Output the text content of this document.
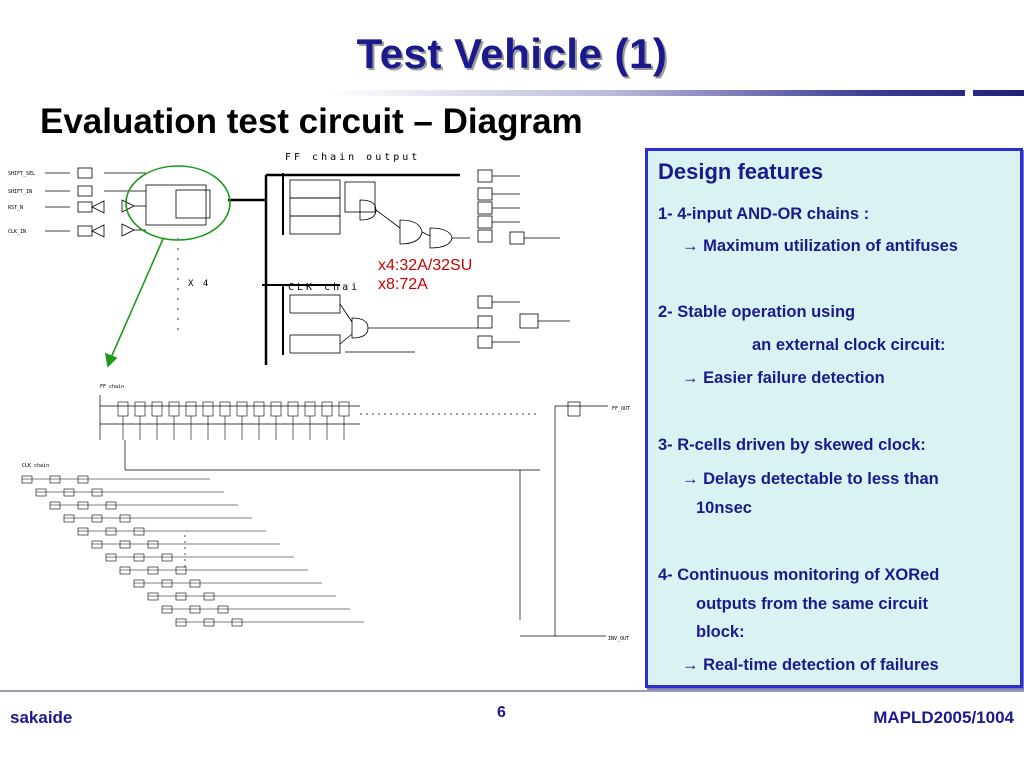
Test Vehicle (1)
Evaluation test circuit – Diagram
SHIFT_SEL
SHIFT_IN
RST_N
CLK_IN
FF chain
CLK chain
FF_OUT
INV_OUT
FF chain output
CLK chai
X 4
x4:32A/32SU
x8:72A
Design features
1- 4-input AND-OR chains :
→ Maximum utilization of antifuses
2- Stable operation using
an external clock circuit:
→ Easier failure detection
3- R-cells driven by skewed clock:
→ Delays detectable to less than
10nsec
4- Continuous monitoring of XORed
outputs from the same circuit
block:
→ Real-time detection of failures
sakaide	6	MAPLD2005/1004
